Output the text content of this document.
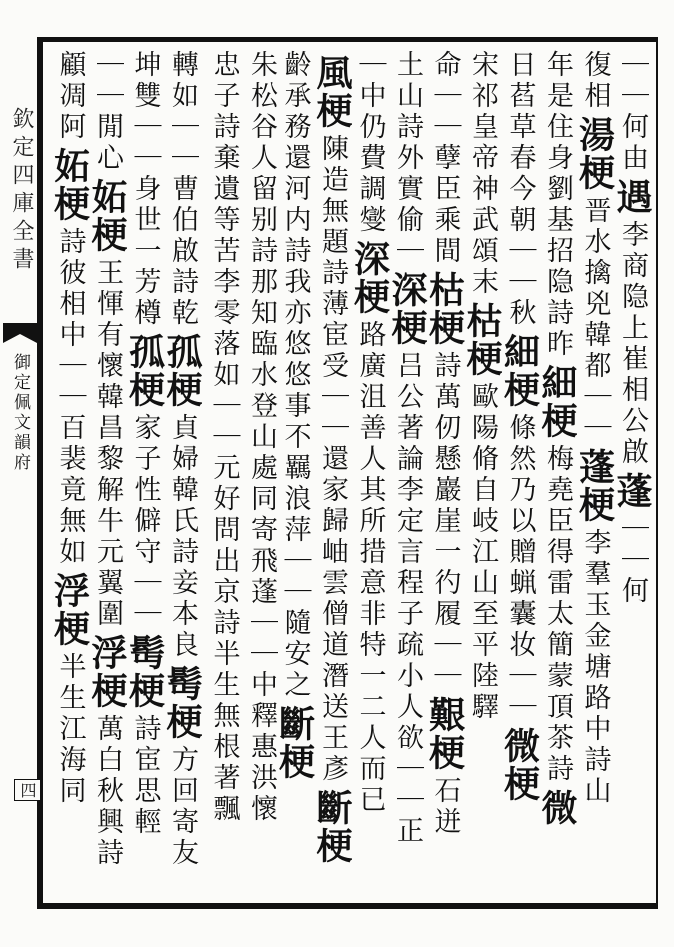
欽定四庫全書
御定佩文韻府
四
｜｜何由遇李商隐上崔相公啟蓬｜｜何
復相湯梗晋水擒兇韓都｜｜蓬梗李羣玉金塘路中詩山
年是住身劉基招隐詩昨細梗梅堯臣得雷太簡蒙頂茶詩微
日萏草春今朝｜｜秋細梗條然乃以贈蝋囊妆｜｜微梗
宋祁皇帝神武頌末枯梗歐陽脩自岐江山至平陸驛
命｜｜孽臣乘間枯梗詩萬仞懸巖崖一彴履｜｜艱梗石迸
土山詩外實偷｜深梗吕公著論李定言程子疏小人欲｜｜正
｜中仍費調燮深梗路廣沮善人其所措意非特一二人而已
風梗陳造無題詩薄宦受｜｜還家歸岫雲僧道潛送王彥斷梗
齡承務還河内詩我亦悠悠事不羈浪萍｜｜隨安之斷梗
朱松谷人留别詩那知臨水登山處同寄飛蓬｜｜中釋惠洪懷
忠子詩棄遺等苦李零落如｜｜元好問出京詩半生無根著飄
轉如｜｜曹伯啟詩乾孤梗貞婦韓氏詩妾本良髩梗方回寄友
坤雙｜｜身世一芳樽孤梗家子性僻守｜｜髩梗詩宦思輕
｜｜閒心妬梗王惲有懷韓昌黎解牛元翼圍浮梗萬白秋興詩
顧凋阿妬梗詩彼相中｜｜百裴竟無如浮梗半生江海同
